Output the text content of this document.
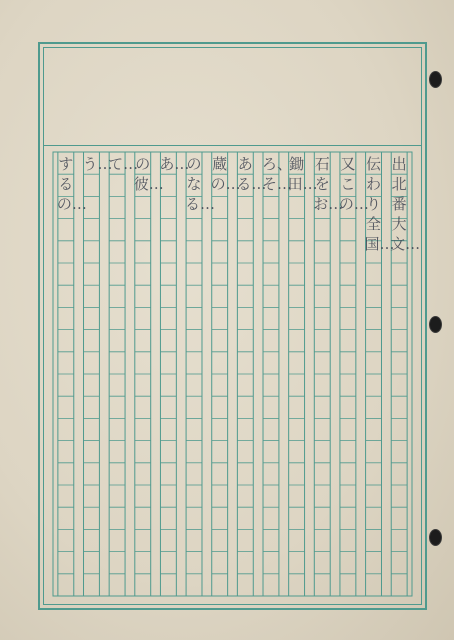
出北番大文…
伝わり全国…
又この…
石をお…
鋤田…
ろ、そ…
ある…
蔵の…
のなる…
あ…
の彼…
て…
う…
するの…
